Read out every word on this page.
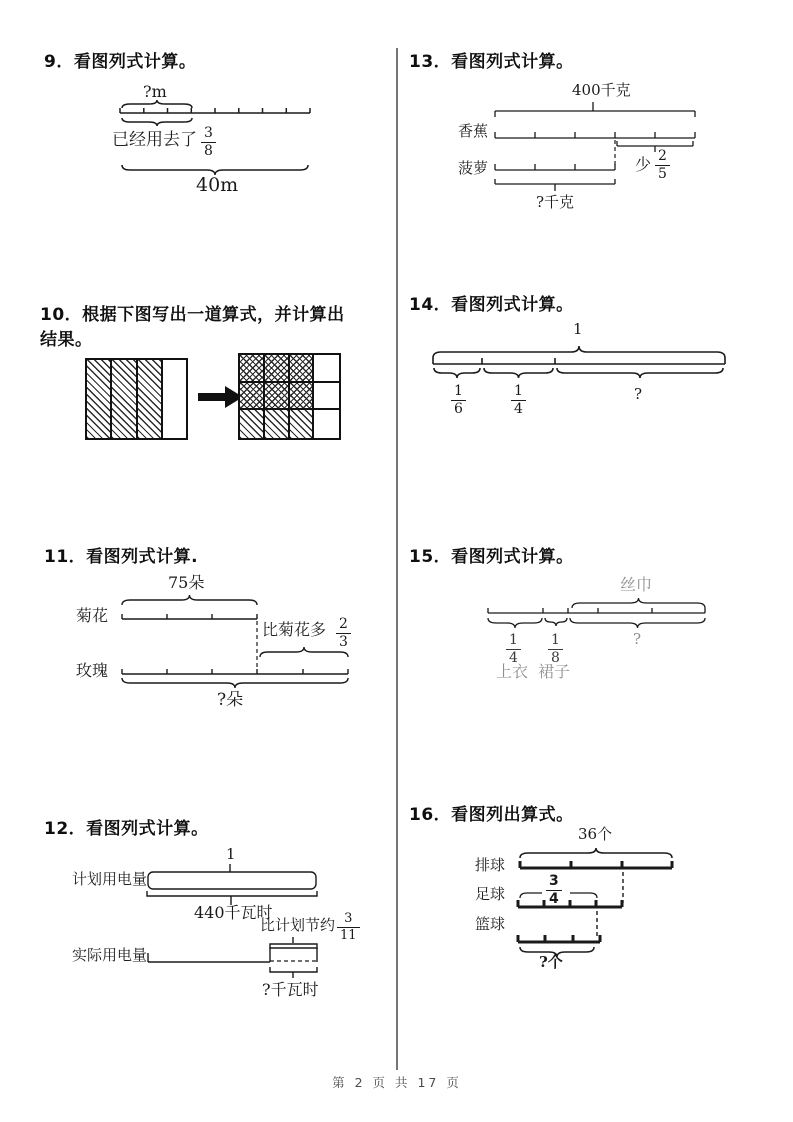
9．看图列式计算。
?m
已经用去了 $\frac{3}{8}$
40m
10．根据下图写出一道算式，并计算出
结果。
11．看图列式计算.
75朵
菊花
比菊花多 $\frac{2}{3}$
玫瑰
?朵
12．看图列式计算。
1
计划用电量
440千瓦时
比计划节约 $\frac{3}{11}$
实际用电量
?千瓦时
13．看图列式计算。
400千克
香蕉
少 $\frac{2}{5}$
菠萝
?千克
14．看图列式计算。
1
$\frac{1}{6}$	$\frac{1}{4}$	?
15．看图列式计算。
丝巾
$\frac{1}{4} \frac{1}{8}$	?
上衣 裙子
16．看图列出算式。
36个
排球
$\frac{3}{4}$
足球
篮球
?个
第 2 页 共 17 页
